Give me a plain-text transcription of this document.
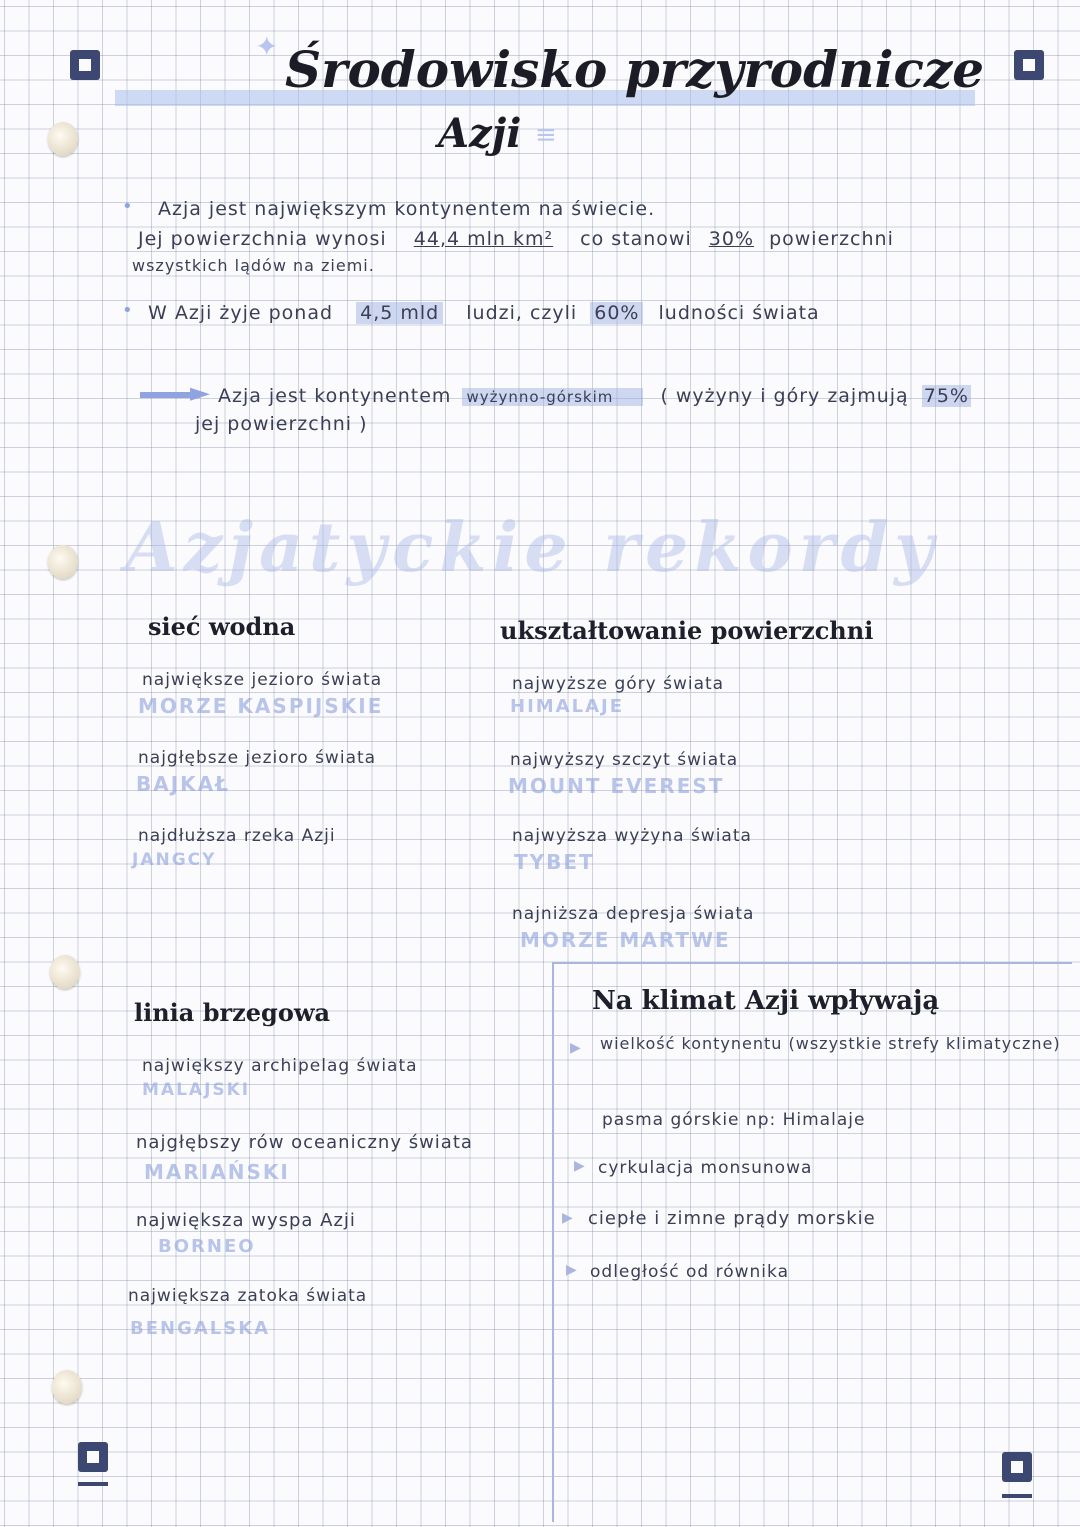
Środowisko przyrodnicze
Azji
✦
≡
• Azja jest największym kontynentem na świecie.
Jej powierzchnia wynosi 44,4 mln km² co stanowi 30% powierzchni
wszystkich lądów na ziemi.
• W Azji żyje ponad 4,5 mld ludzi, czyli 60% ludności świata
► Azja jest kontynentem wyżynno-górskim ( wyżyny i góry zajmują 75%
jej powierzchni )
Azjatyckie rekordy
sieć wodna
największe jezioro świata
MORZE KASPIJSKIE
najgłębsze jezioro świata
BAJKAŁ
najdłuższa rzeka Azji
JANGCY
ukształtowanie powierzchni
najwyższe góry świata
HIMALAJE
najwyższy szczyt świata
MOUNT EVEREST
najwyższa wyżyna świata
TYBET
najniższa depresja świata
MORZE MARTWE
linia brzegowa
największy archipelag świata
MALAJSKI
najgłębszy rów oceaniczny świata
MARIAŃSKI
największa wyspa Azji
BORNEO
największa zatoka świata
BENGALSKA
Na klimat Azji wpływają
▶ wielkość kontynentu (wszystkie strefy klimatyczne)
pasma górskie np: Himalaje
▶ cyrkulacja monsunowa
▶ ciepłe i zimne prądy morskie
▶ odległość od równika
